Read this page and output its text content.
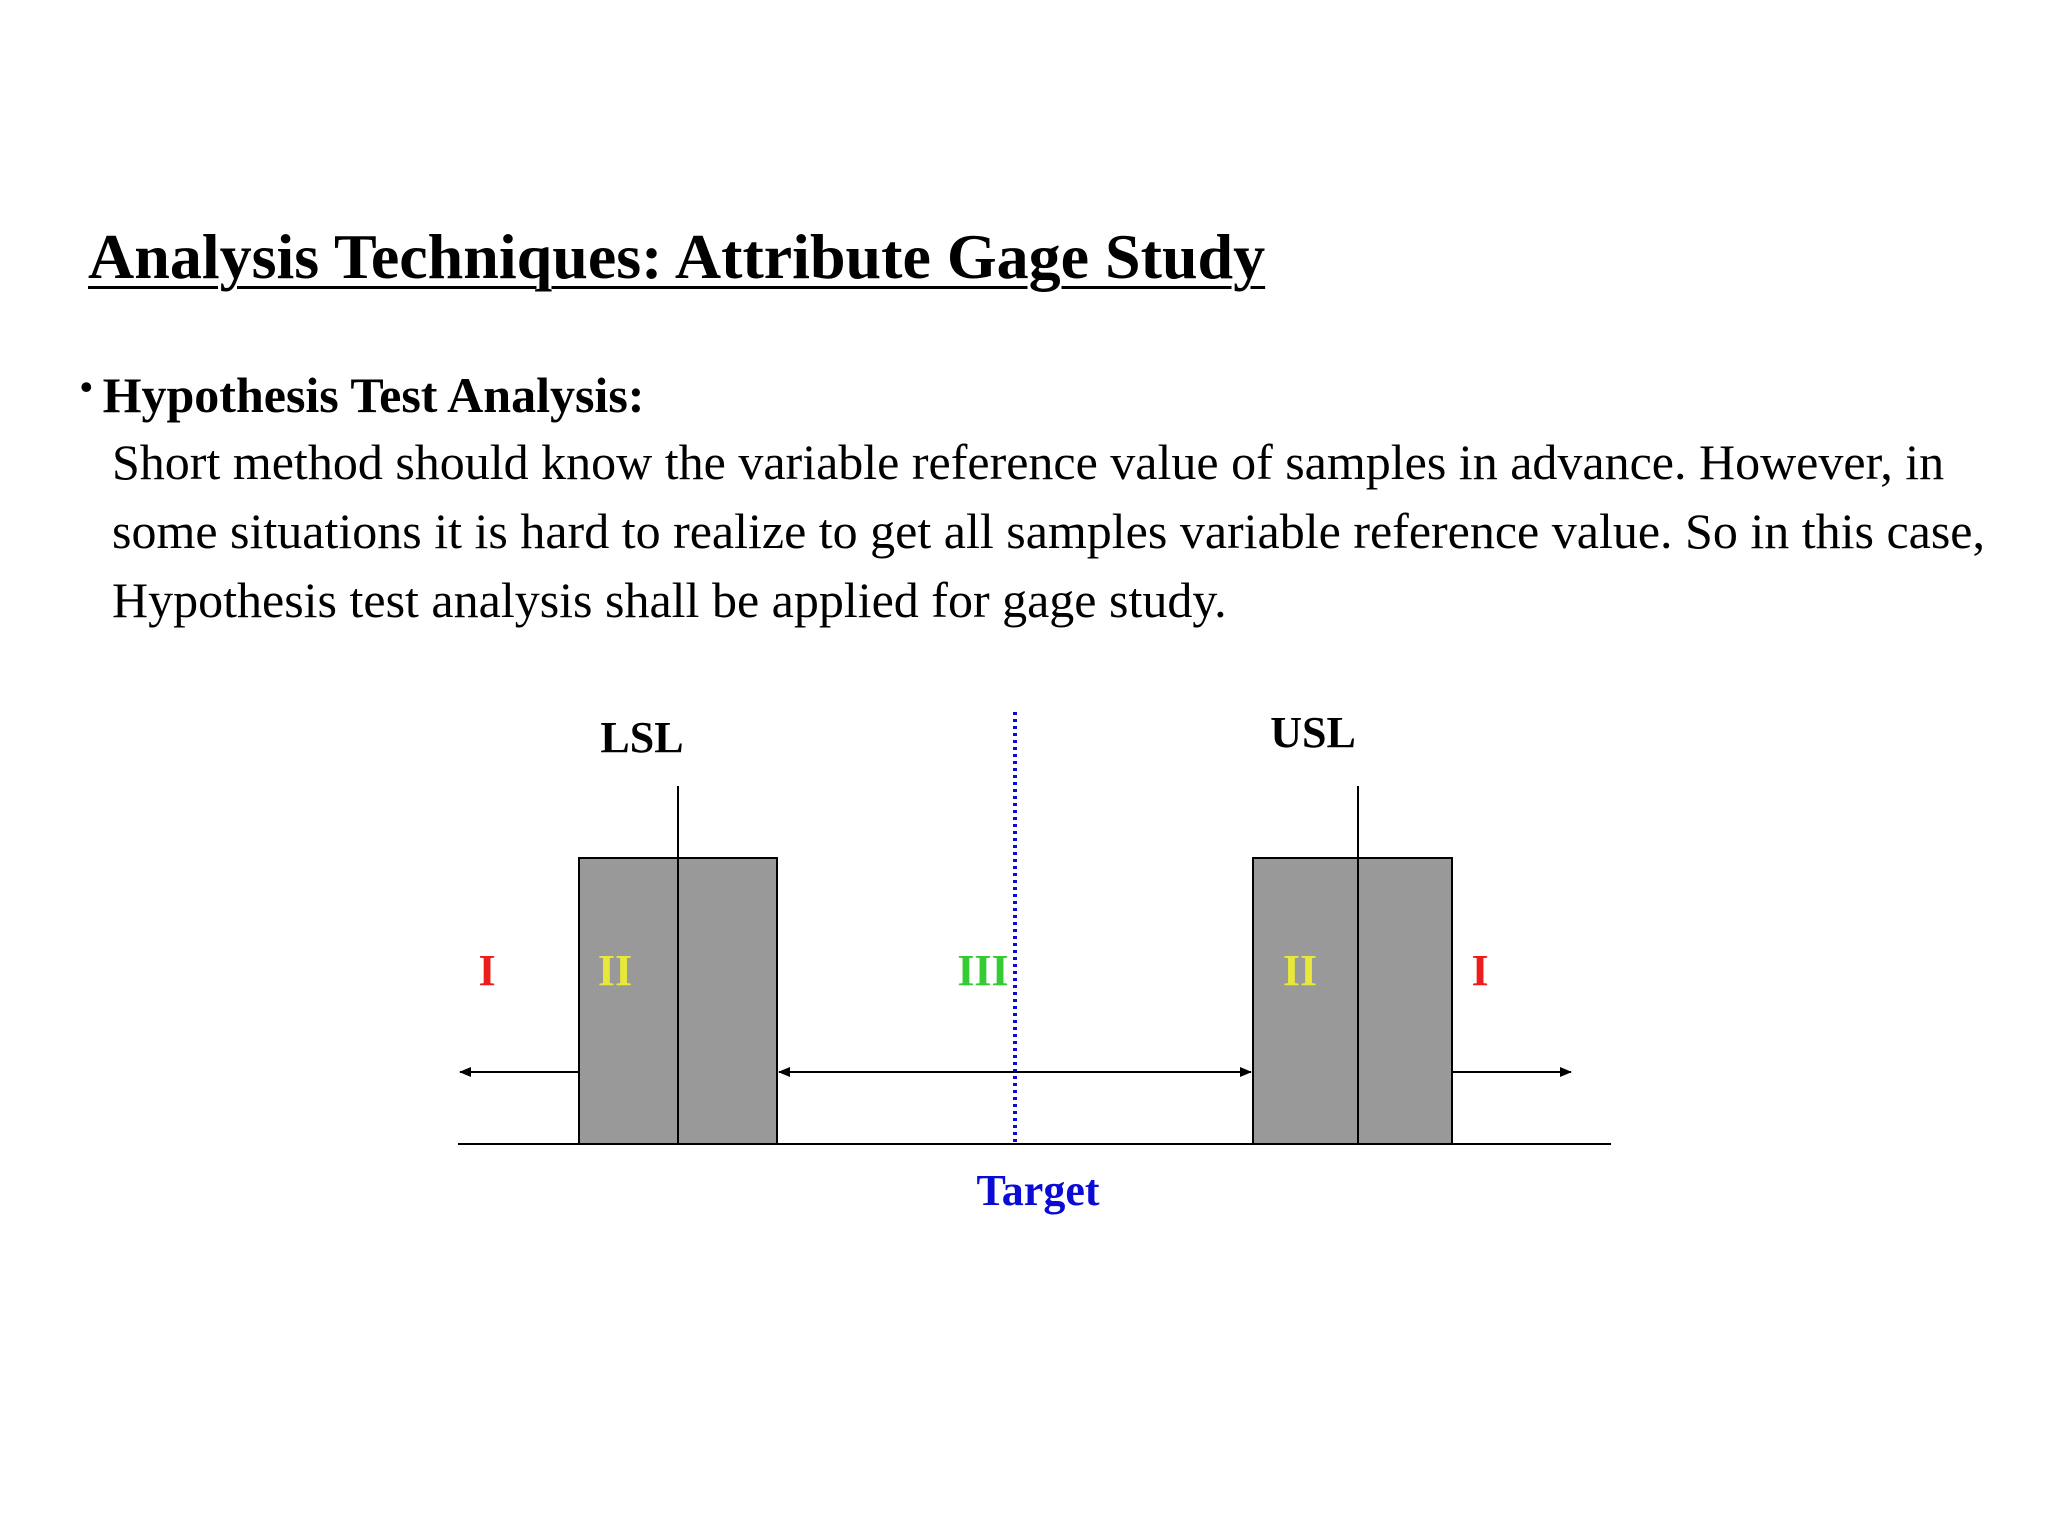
Analysis Techniques: Attribute Gage Study
• Hypothesis Test Analysis:
Short method should know the variable reference value of samples in advance. However, in some situations it is hard to realize to get all samples variable reference value. So in this case, Hypothesis test analysis shall be applied for gage study.
LSL	USL
Target
I II	III	II	I
